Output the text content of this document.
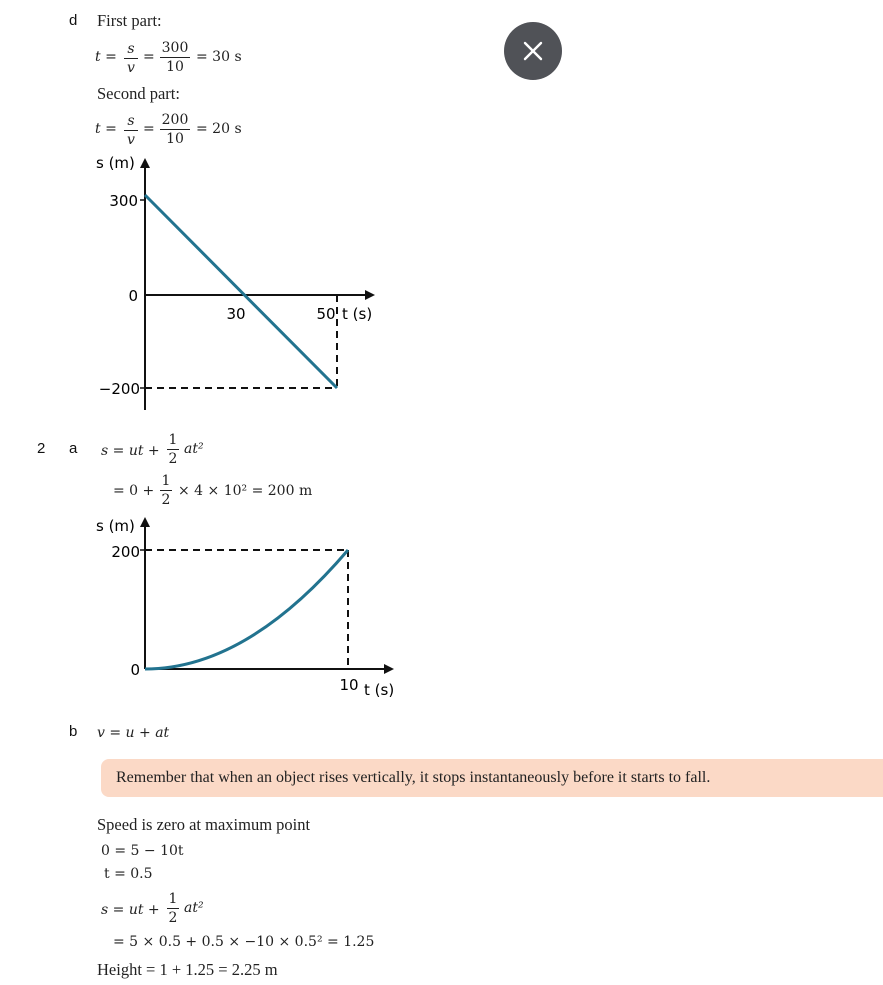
d
2 a
b
First part:
t = s
v
=
300
10
= 30 s
Second part:
t = s
v
=
200
10
= 20 s
s (m)
300
0
−200
30	50 t (s)
s = ut +
1
2
at²
= 0 +
1
2
× 4 × 10² = 200 m
s (m)
200
0
10 t (s)
v = u + at
Remember that when an object rises vertically, it stops instantaneously before it starts to fall.
Speed is zero at maximum point
0 = 5 − 10t
t = 0.5
s = ut +
1
2
at²
= 5 × 0.5 + 0.5 × −10 × 0.5² = 1.25
Height = 1 + 1.25 = 2.25 m
